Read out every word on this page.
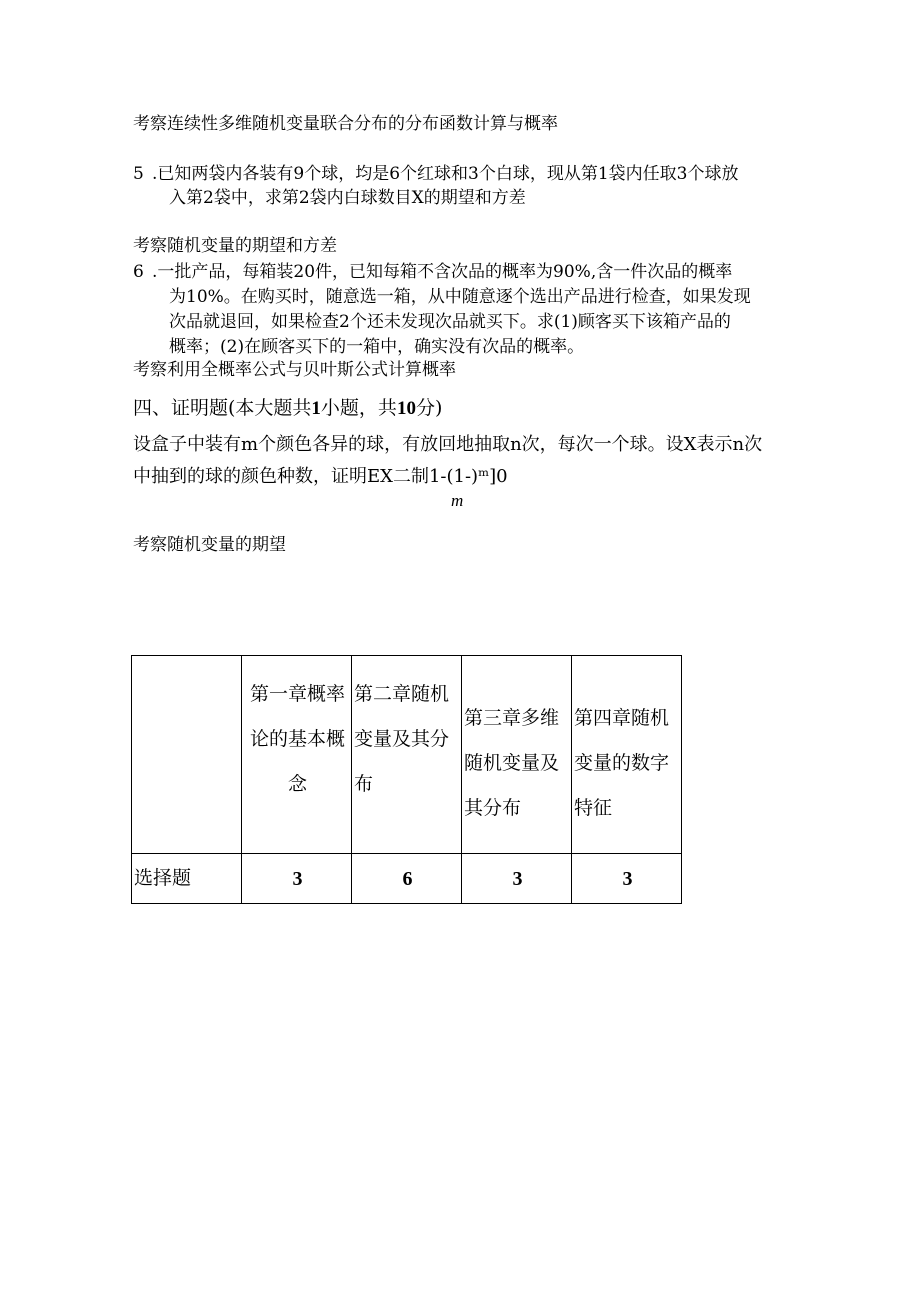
考察连续性多维随机变量联合分布的分布函数计算与概率
5 .已知两袋内各装有9个球，均是6个红球和3个白球，现从第1袋内任取3个球放
入第2袋中，求第2袋内白球数目X的期望和方差
考察随机变量的期望和方差
6 .一批产品，每箱装20件，已知每箱不含次品的概率为90%,含一件次品的概率
为10%。在购买时，随意选一箱，从中随意逐个选出产品进行检查，如果发现
次品就退回，如果检查2个还未发现次品就买下。求(1)顾客买下该箱产品的
概率；(2)在顾客买下的一箱中，确实没有次品的概率。
考察利用全概率公式与贝叶斯公式计算概率
四、证明题(本大题共1小题，共10分)
设盒子中装有m个颜色各异的球，有放回地抽取n次，每次一个球。设X表示n次
中抽到的球的颜色种数，证明EX二制1-(1-)ᵐ]0
m
考察随机变量的期望
	第一章概率论的基本概念	第二章随机变量及其分布	第三章多维随机变量及其分布	第四章随机变量的数字特征
选择题	3	6	3	3
